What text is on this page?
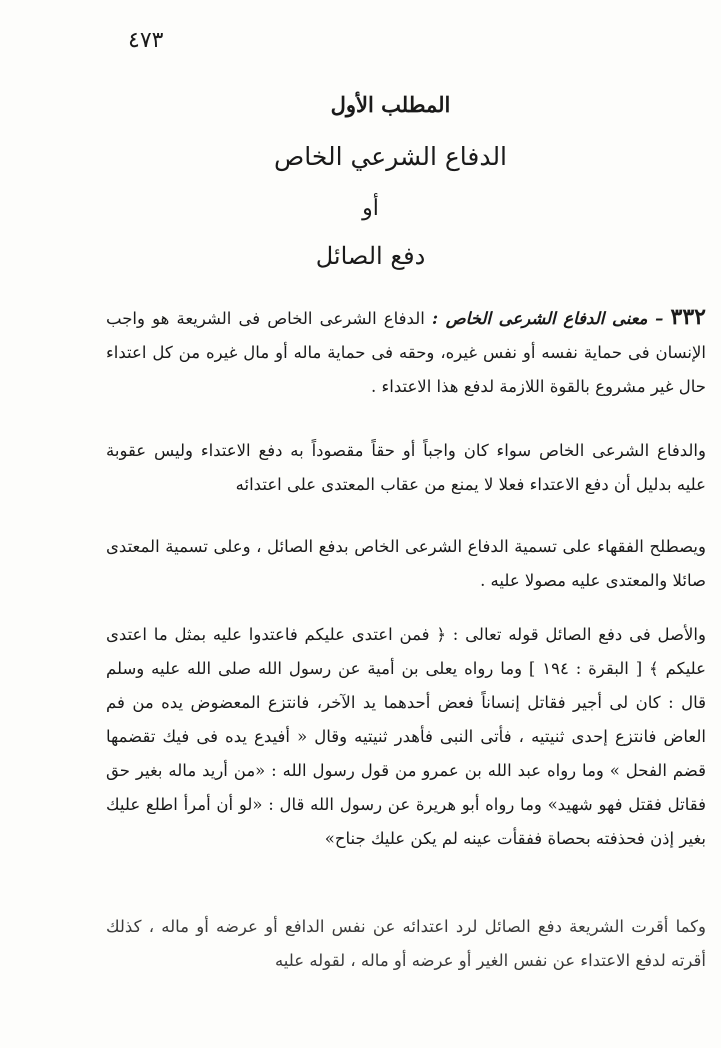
٤٧٣
المطلب الأول
الدفاع الشرعي الخاص
أو
دفع الصائل

٣٣٢ – معنى الدفاع الشرعى الخاص : الدفاع الشرعى الخاص فى الشريعة هو واجب الإنسان فى حماية نفسه أو نفس غيره، وحقه فى حماية ماله أو مال غيره من كل اعتداء حال غير مشروع بالقوة اللازمة لدفع هذا الاعتداء .

والدفاع الشرعى الخاص سواء كان واجباً أو حقاً مقصوداً به دفع الاعتداء وليس عقوبة عليه بدليل أن دفع الاعتداء فعلا لا يمنع من عقاب المعتدى على اعتدائه

ويصطلح الفقهاء على تسمية الدفاع الشرعى الخاص بدفع الصائل ، وعلى تسمية المعتدى صائلا والمعتدى عليه مصولا عليه .

والأصل فى دفع الصائل قوله تعالى : ﴿ فمن اعتدى عليكم فاعتدوا عليه بمثل ما اعتدى عليكم ﴾ [ البقرة : ١٩٤ ] وما رواه يعلى بن أمية عن رسول الله صلى الله عليه وسلم قال : كان لى أجير فقاتل إنساناً فعض أحدهما يد الآخر، فانتزع المعضوض يده من فم العاض فانتزع إحدى ثنيتيه ، فأتى النبى فأهدر ثنيتيه وقال « أفيدع يده فى فيك تقضمها قضم الفحل » وما رواه عبد الله بن عمرو من قول رسول الله : «من أريد ماله بغير حق فقاتل فقتل فهو شهيد» وما رواه أبو هريرة عن رسول الله قال : «لو أن أمرأ اطلع عليك بغير إذن فحذفته بحصاة ففقأت عينه لم يكن عليك جناح»

وكما أقرت الشريعة دفع الصائل لرد اعتدائه عن نفس الدافع أو عرضه أو ماله ، كذلك أقرته لدفع الاعتداء عن نفس الغير أو عرضه أو ماله ، لقوله عليه
